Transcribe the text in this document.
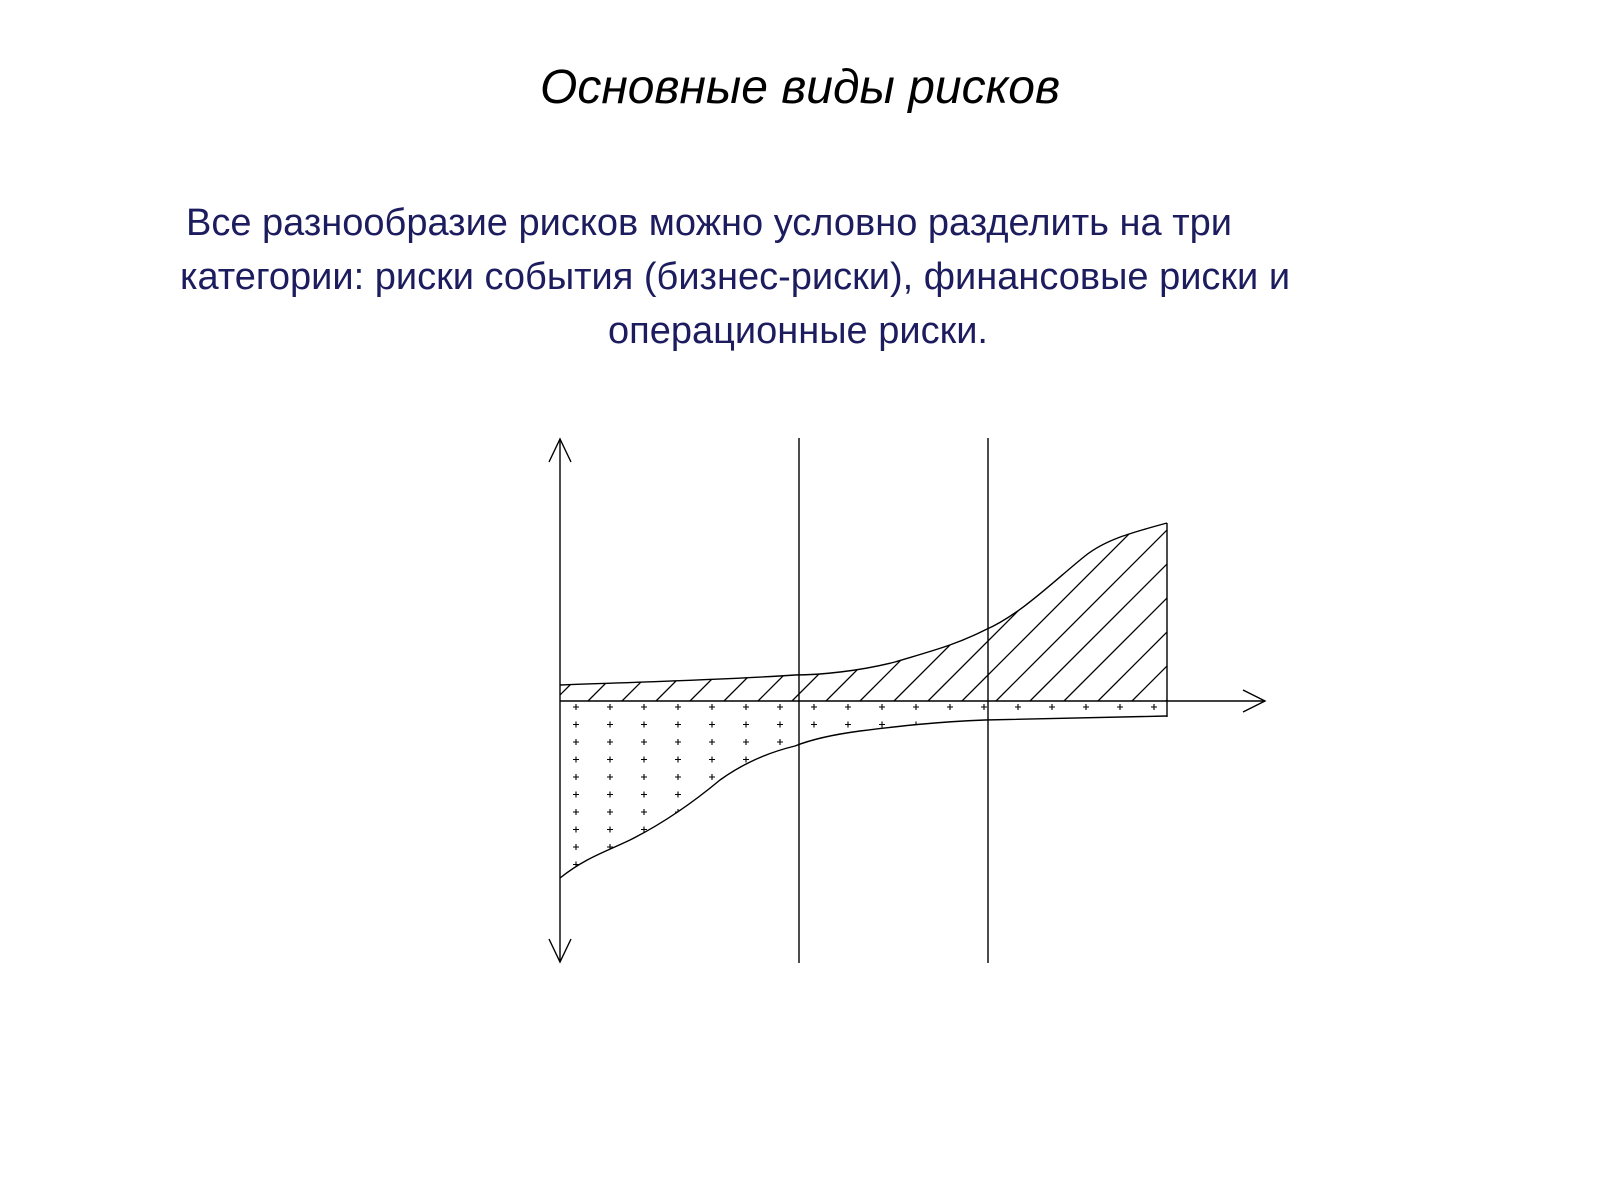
Основные виды рисков
Все разнообразие рисков можно условно разделить на три
категории: риски события (бизнес-риски), финансовые риски и
операционные риски.
